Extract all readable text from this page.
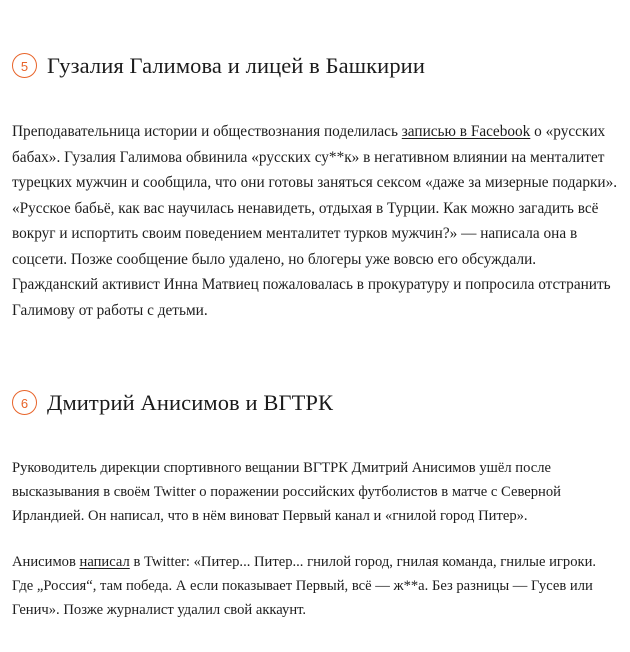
5 Гузалия Галимова и лицей в Башкирии

Преподавательница истории и обществознания поделилась записью в Facebook о «русских бабах». Гузалия Галимова обвинила «русских су**к» в негативном влиянии на менталитет турецких мужчин и сообщила, что они готовы заняться сексом «даже за мизерные подарки». «Русское бабьё, как вас научилась ненавидеть, отдыхая в Турции. Как можно загадить всё вокруг и испортить своим поведением менталитет турков мужчин?» — написала она в соцсети. Позже сообщение было удалено, но блогеры уже вовсю его обсуждали. Гражданский активист Инна Матвиец пожаловалась в прокуратуру и попросила отстранить Галимову от работы с детьми.

6 Дмитрий Анисимов и ВГТРК

Руководитель дирекции спортивного вещании ВГТРК Дмитрий Анисимов ушёл после высказывания в своём Twitter о поражении российских футболистов в матче с Северной Ирландией. Он написал, что в нём виноват Первый канал и «гнилой город Питер».

Анисимов написал в Twitter: «Питер... Питер... гнилой город, гнилая команда, гнилые игроки. Где „Россия“, там победа. А если показывает Первый, всё — ж**а. Без разницы — Гусев или Генич». Позже журналист удалил свой аккаунт.
